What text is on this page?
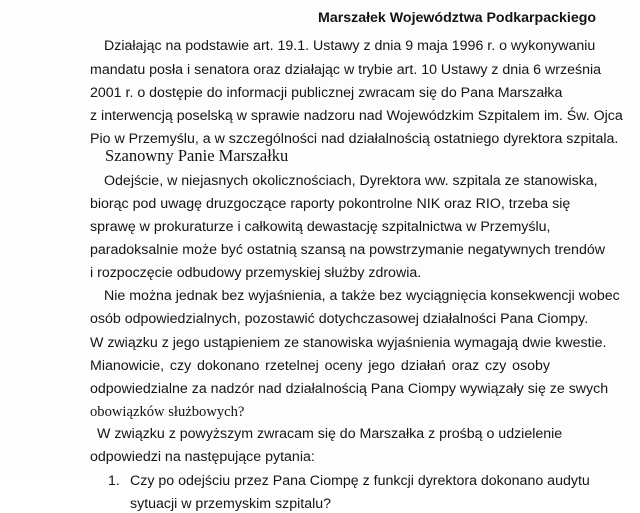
Marszałek Województwa Podkarpackiego
Działając na podstawie art. 19.1. Ustawy z dnia 9 maja 1996 r. o wykonywaniu
mandatu posła i senatora oraz działając w trybie art. 10 Ustawy z dnia 6 września
2001 r. o dostępie do informacji publicznej zwracam się do Pana Marszałka
z interwencją poselską w sprawie nadzoru nad Wojewódzkim Szpitalem im. Św. Ojca
Pio w Przemyślu, a w szczególności nad działalnością ostatniego dyrektora szpitala.
Szanowny Panie Marszałku
Odejście, w niejasnych okolicznościach, Dyrektora ww. szpitala ze stanowiska,
biorąc pod uwagę druzgoczące raporty pokontrolne NIK oraz RIO, trzeba się
sprawę w prokuraturze i całkowitą dewastację szpitalnictwa w Przemyślu,
paradoksalnie może być ostatnią szansą na powstrzymanie negatywnych trendów
i rozpoczęcie odbudowy przemyskiej służby zdrowia.
Nie można jednak bez wyjaśnienia, a także bez wyciągnięcia konsekwencji wobec
osób odpowiedzialnych, pozostawić dotychczasowej działalności Pana Ciompy.
W związku z jego ustąpieniem ze stanowiska wyjaśnienia wymagają dwie kwestie.
Mianowicie, czy dokonano rzetelnej oceny jego działań oraz czy osoby
odpowiedzialne za nadzór nad działalnością Pana Ciompy wywiązały się ze swych
obowiązków służbowych?
W związku z powyższym zwracam się do Marszałka z prośbą o udzielenie
odpowiedzi na następujące pytania:
1. Czy po odejściu przez Pana Ciompę z funkcji dyrektora dokonano audytu
sytuacji w przemyskim szpitalu?
